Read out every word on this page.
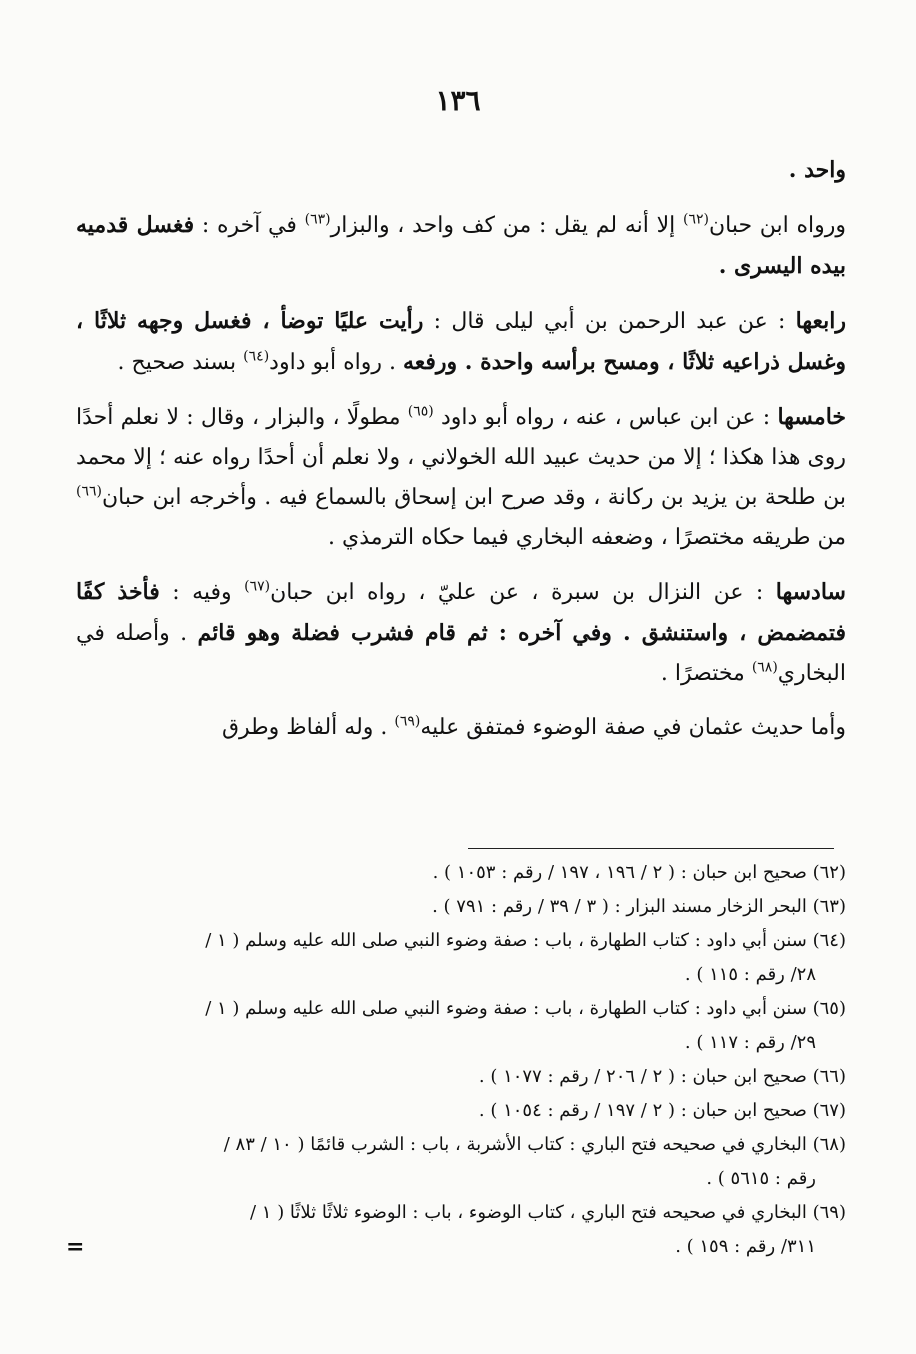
١٣٦

واحد .

ورواه ابن حبان$^{(٦٢)}$ إلا أنه لم يقل : من كف واحد ، والبزار$^{(٦٣)}$ في آخره : فغسل قدميه بيده اليسرى .

رابعها : عن عبد الرحمن بن أبي ليلى قال : رأيت عليًا توضأ ، فغسل وجهه ثلاثًا ، وغسل ذراعيه ثلاثًا ، ومسح برأسه واحدة . ورفعه . رواه أبو داود$^{(٦٤)}$ بسند صحيح .

خامسها : عن ابن عباس ، عنه ، رواه أبو داود $^{(٦٥)}$ مطولًا ، والبزار ، وقال : لا نعلم أحدًا روى هذا هكذا ؛ إلا من حديث عبيد الله الخولاني ، ولا نعلم أن أحدًا رواه عنه ؛ إلا محمد بن طلحة بن يزيد بن ركانة ، وقد صرح ابن إسحاق بالسماع فيه . وأخرجه ابن حبان$^{(٦٦)}$ من طريقه مختصرًا ، وضعفه البخاري فيما حكاه الترمذي .

سادسها : عن النزال بن سبرة ، عن عليّ ، رواه ابن حبان$^{(٦٧)}$ وفيه : فأخذ كفًا فتمضمض ، واستنشق . وفي آخره : ثم قام فشرب فضلة وهو قائم . وأصله في البخاري$^{(٦٨)}$ مختصرًا .

وأما حديث عثمان في صفة الوضوء فمتفق عليه$^{(٦٩)}$ . وله ألفاظ وطرق

(٦٢) صحيح ابن حبان : ( ٢ / ١٩٦ ، ١٩٧ / رقم : ١٠٥٣ ) .
(٦٣) البحر الزخار مسند البزار : ( ٣ / ٣٩ / رقم : ٧٩١ ) .
(٦٤) سنن أبي داود : كتاب الطهارة ، باب : صفة وضوء النبي صلى الله عليه وسلم ( ١ /
٢٨/ رقم : ١١٥ ) .
(٦٥) سنن أبي داود : كتاب الطهارة ، باب : صفة وضوء النبي صلى الله عليه وسلم ( ١ /
٢٩/ رقم : ١١٧ ) .
(٦٦) صحيح ابن حبان : ( ٢ / ٢٠٦ / رقم : ١٠٧٧ ) .
(٦٧) صحيح ابن حبان : ( ٢ / ١٩٧ / رقم : ١٠٥٤ ) .
(٦٨) البخاري في صحيحه فتح الباري : كتاب الأشربة ، باب : الشرب قائمًا ( ١٠ / ٨٣ /
رقم : ٥٦١٥ ) .
(٦٩) البخاري في صحيحه فتح الباري ، كتاب الوضوء ، باب : الوضوء ثلاثًا ثلاثًا ( ١ /
٣١١/ رقم : ١٥٩ ) .
=
